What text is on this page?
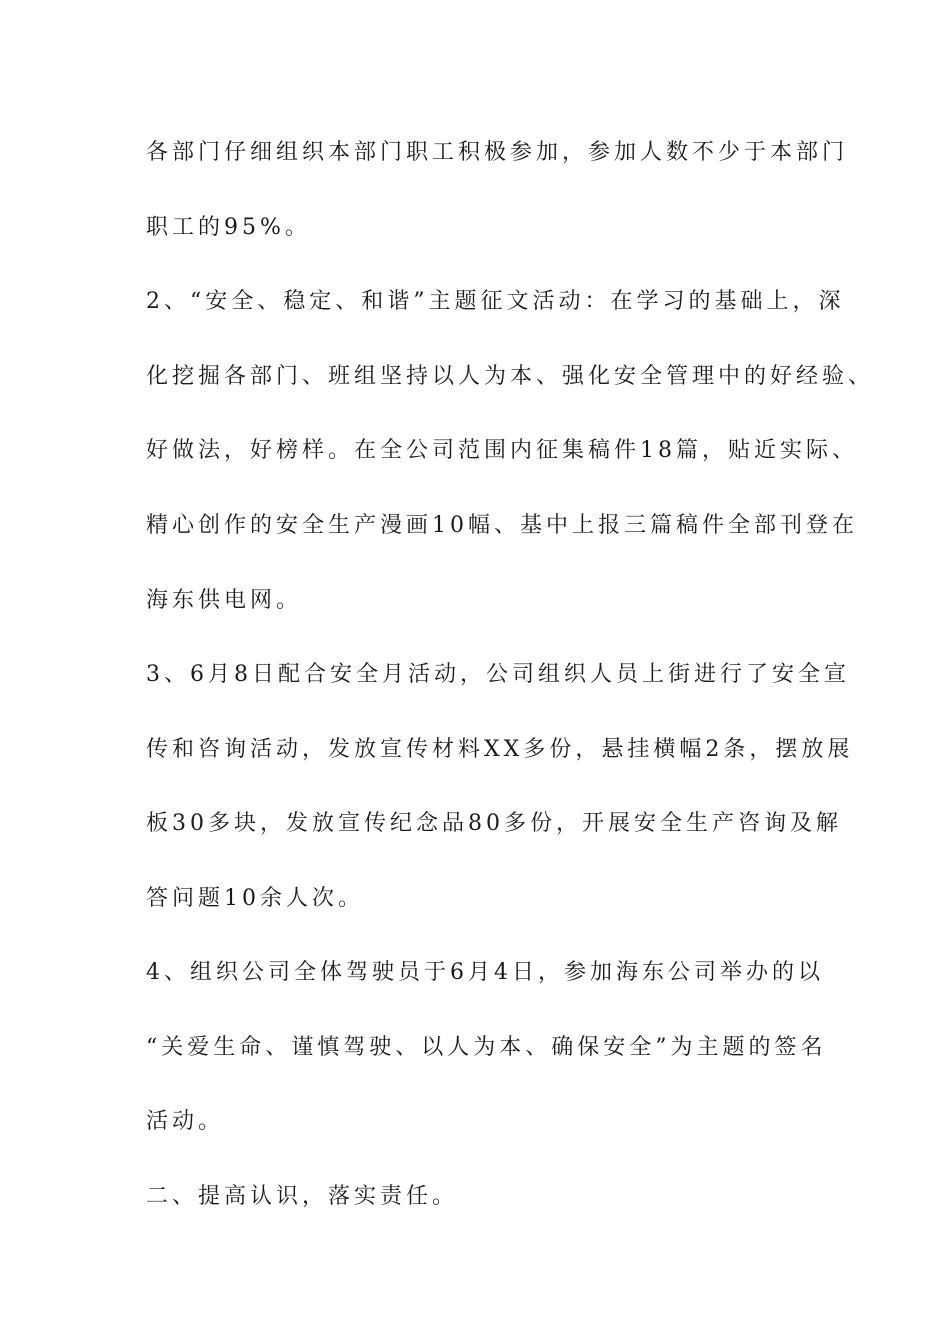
各部门仔细组织本部门职工积极参加，参加人数不少于本部门
职工的95%。
2、“安全、稳定、和谐”主题征文活动：在学习的基础上，深
化挖掘各部门、班组坚持以人为本、强化安全管理中的好经验、
好做法，好榜样。在全公司范围内征集稿件18篇，贴近实际、
精心创作的安全生产漫画10幅、基中上报三篇稿件全部刊登在
海东供电网。
3、6月8日配合安全月活动，公司组织人员上街进行了安全宣
传和咨询活动，发放宣传材料XX多份，悬挂横幅2条，摆放展
板30多块，发放宣传纪念品80多份，开展安全生产咨询及解
答问题10余人次。
4、组织公司全体驾驶员于6月4日，参加海东公司举办的以
“关爱生命、谨慎驾驶、以人为本、确保安全”为主题的签名
活动。
二、提高认识，落实责任。
